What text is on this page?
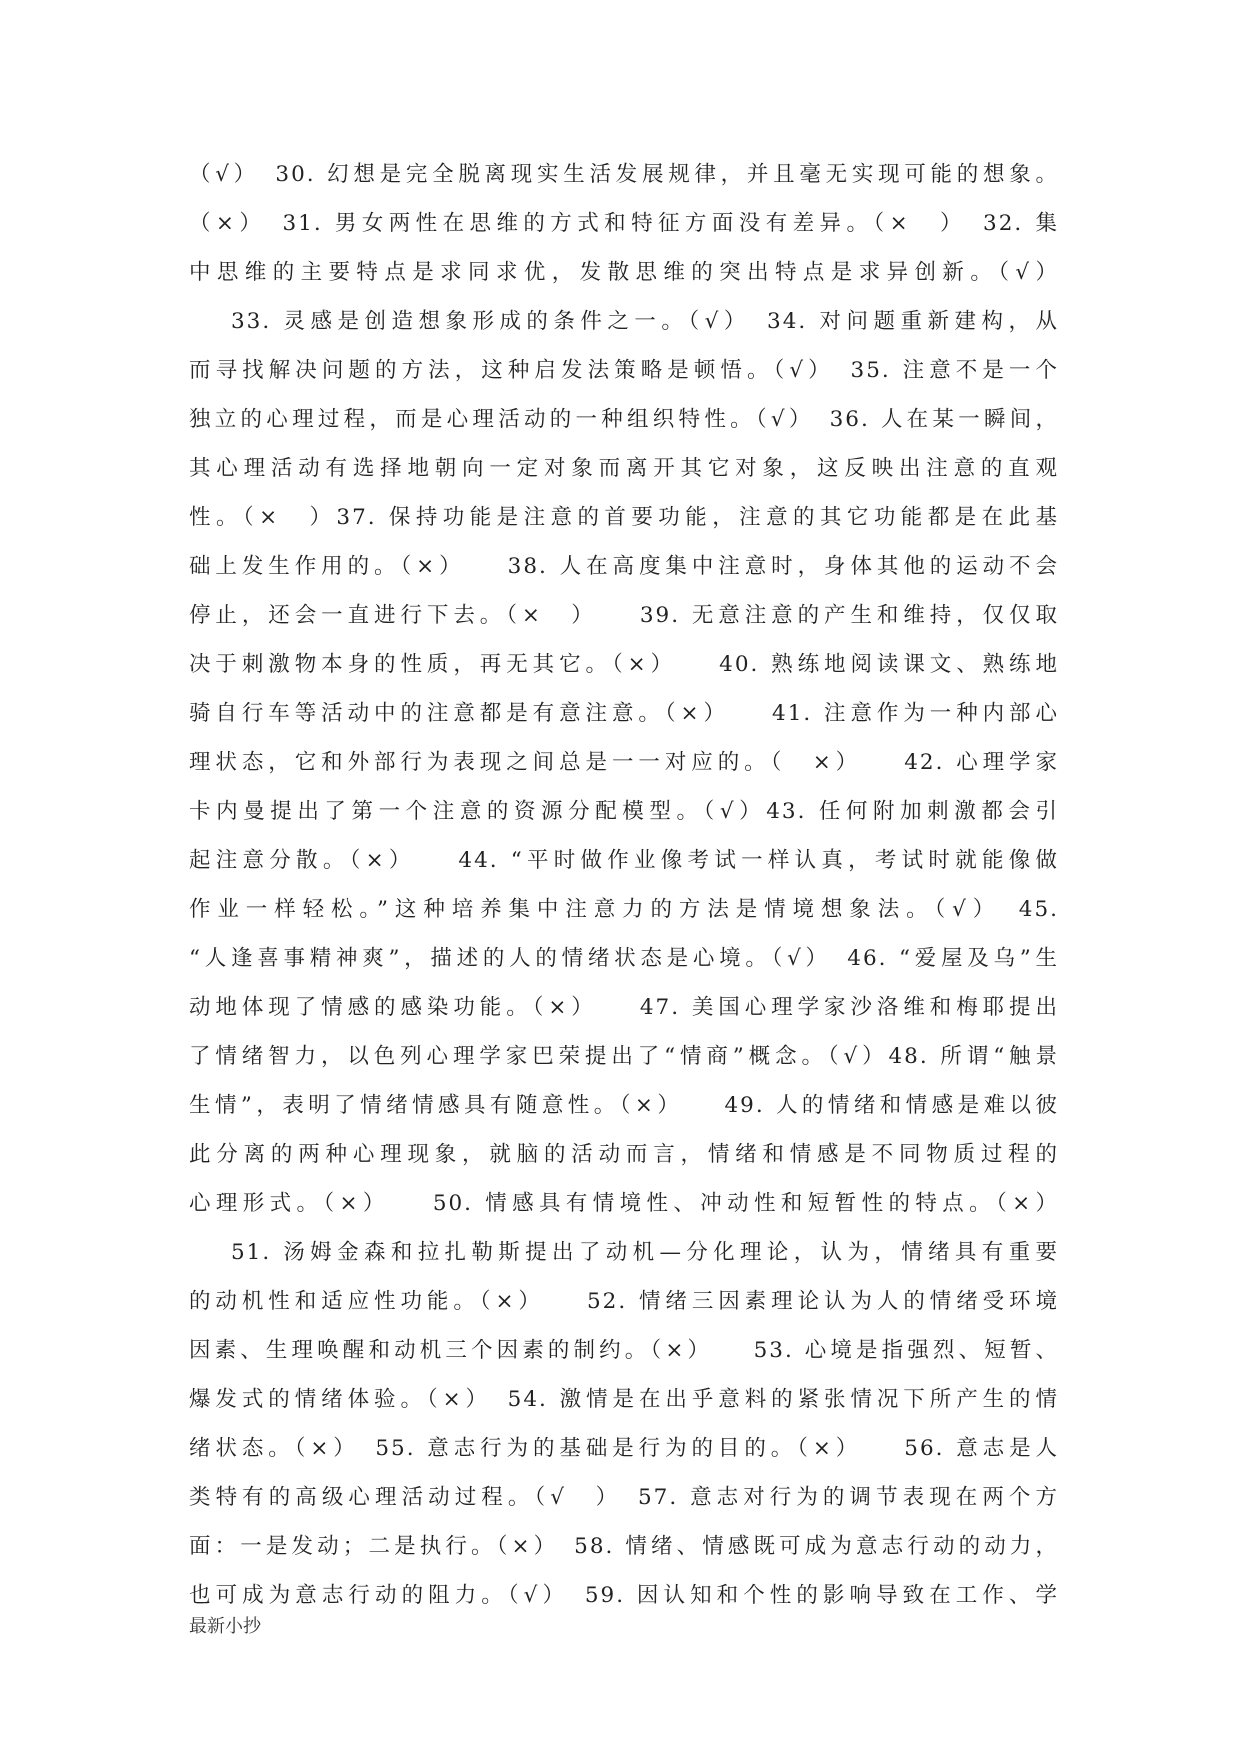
（√）　30. 幻想是完全脱离现实生活发展规律，并且毫无实现可能的想象。
（×）　31. 男女两性在思维的方式和特征方面没有差异。（×　）　32. 集
中思维的主要特点是求同求优，发散思维的突出特点是求异创新。（√）
33. 灵感是创造想象形成的条件之一。（√）　34. 对问题重新建构，从
而寻找解决问题的方法，这种启发法策略是顿悟。（√）　35. 注意不是一个
独立的心理过程，而是心理活动的一种组织特性。（√）　36. 人在某一瞬间，
其心理活动有选择地朝向一定对象而离开其它对象，这反映出注意的直观
性。（×　）37. 保持功能是注意的首要功能，注意的其它功能都是在此基
础上发生作用的。（×）　　38. 人在高度集中注意时，身体其他的运动不会
停止，还会一直进行下去。（×　）　　39. 无意注意的产生和维持，仅仅取
决于刺激物本身的性质，再无其它。（×）　　40. 熟练地阅读课文、熟练地
骑自行车等活动中的注意都是有意注意。（×）　　41. 注意作为一种内部心
理状态，它和外部行为表现之间总是一一对应的。（　×）　　42. 心理学家
卡内曼提出了第一个注意的资源分配模型。（√）43. 任何附加刺激都会引
起注意分散。（×）　　44. “平时做作业像考试一样认真，考试时就能像做
作业一样轻松。”这种培养集中注意力的方法是情境想象法。（√）　45.
“人逢喜事精神爽”，描述的人的情绪状态是心境。（√）　46. “爱屋及乌”生
动地体现了情感的感染功能。（×）　　47. 美国心理学家沙洛维和梅耶提出
了情绪智力，以色列心理学家巴荣提出了“情商”概念。（√）48. 所谓“触景
生情”，表明了情绪情感具有随意性。（×）　　49. 人的情绪和情感是难以彼
此分离的两种心理现象，就脑的活动而言，情绪和情感是不同物质过程的
心理形式。（×）　　50. 情感具有情境性、冲动性和短暂性的特点。（×）
51. 汤姆金森和拉扎勒斯提出了动机—分化理论，认为，情绪具有重要
的动机性和适应性功能。（×）　　52. 情绪三因素理论认为人的情绪受环境
因素、生理唤醒和动机三个因素的制约。（×）　　53. 心境是指强烈、短暂、
爆发式的情绪体验。（×）　54. 激情是在出乎意料的紧张情况下所产生的情
绪状态。（×）　55. 意志行为的基础是行为的目的。（×）　　56. 意志是人
类特有的高级心理活动过程。（√　）　57. 意志对行为的调节表现在两个方
面：一是发动；二是执行。（×）　58. 情绪、情感既可成为意志行动的动力，
也可成为意志行动的阻力。（√）　59. 因认知和个性的影响导致在工作、学
最新小抄
